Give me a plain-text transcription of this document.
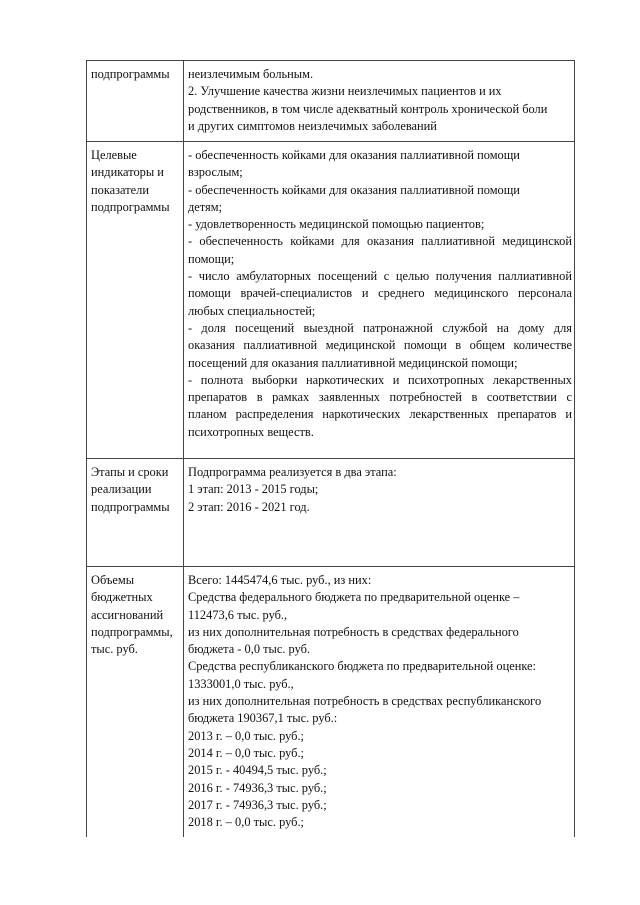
подпрограммы	неизлечимым больным.
2. Улучшение качества жизни неизлечимых пациентов и их
родственников, в том числе адекватный контроль хронической боли
и других симптомов неизлечимых заболеваний
Целевые
индикаторы и
показатели
подпрограммы
- обеспеченность койками для оказания паллиативной помощи
взрослым;
- обеспеченность койками для оказания паллиативной помощи
детям;
- удовлетворенность медицинской помощью пациентов;
- обеспеченность койками для оказания паллиативной медицинской
помощи;
- число амбулаторных посещений с целью получения паллиативной
помощи врачей-специалистов и среднего медицинского персонала
любых специальностей;
- доля посещений выездной патронажной службой на дому для
оказания паллиативной медицинской помощи в общем количестве
посещений для оказания паллиативной медицинской помощи;
- полнота выборки наркотических и психотропных лекарственных
препаратов в рамках заявленных потребностей в соответствии с
планом распределения наркотических лекарственных препаратов и
психотропных веществ.
Этапы и сроки
реализации
подпрограммы
Подпрограмма реализуется в два этапа:
1 этап: 2013 - 2015 годы;
2 этап: 2016 - 2021 год.
Объемы
бюджетных
ассигнований
подпрограммы,
тыс. руб.
Всего: 1445474,6 тыс. руб., из них:
Средства федерального бюджета по предварительной оценке –
112473,6 тыс. руб.,
из них дополнительная потребность в средствах федерального
бюджета - 0,0 тыс. руб.
Средства республиканского бюджета по предварительной оценке:
1333001,0 тыс. руб.,
из них дополнительная потребность в средствах республиканского
бюджета 190367,1 тыс. руб.:
2013 г. – 0,0 тыс. руб.;
2014 г. – 0,0 тыс. руб.;
2015 г. - 40494,5 тыс. руб.;
2016 г. - 74936,3 тыс. руб.;
2017 г. - 74936,3 тыс. руб.;
2018 г. – 0,0 тыс. руб.;
